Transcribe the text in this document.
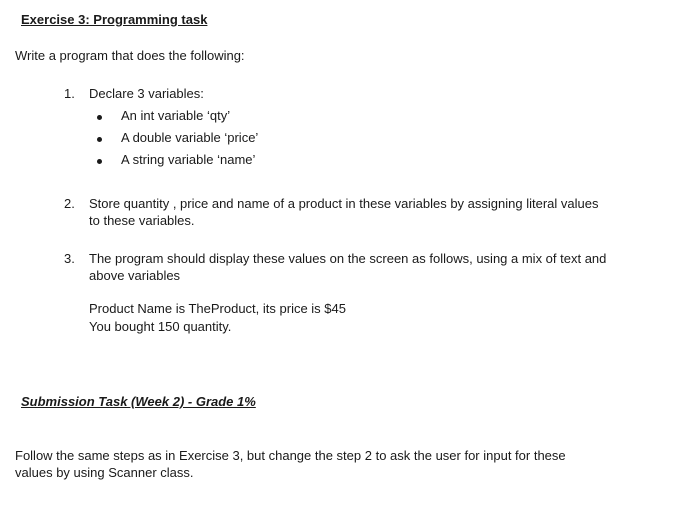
Exercise 3: Programming task
Write a program that does the following:
1.	Declare 3 variables:
An int variable ‘qty’
A double variable ‘price’
A string variable ‘name’
2.	Store quantity , price and name of a product in these variables by assigning literal values
to these variables.
3.	The program should display these values on the screen as follows, using a mix of text and
above variables
Product Name is TheProduct, its price is $45
You bought 150 quantity.
Submission Task (Week 2) - Grade 1%
Follow the same steps as in Exercise 3, but change the step 2 to ask the user for input for these
values by using Scanner class.
